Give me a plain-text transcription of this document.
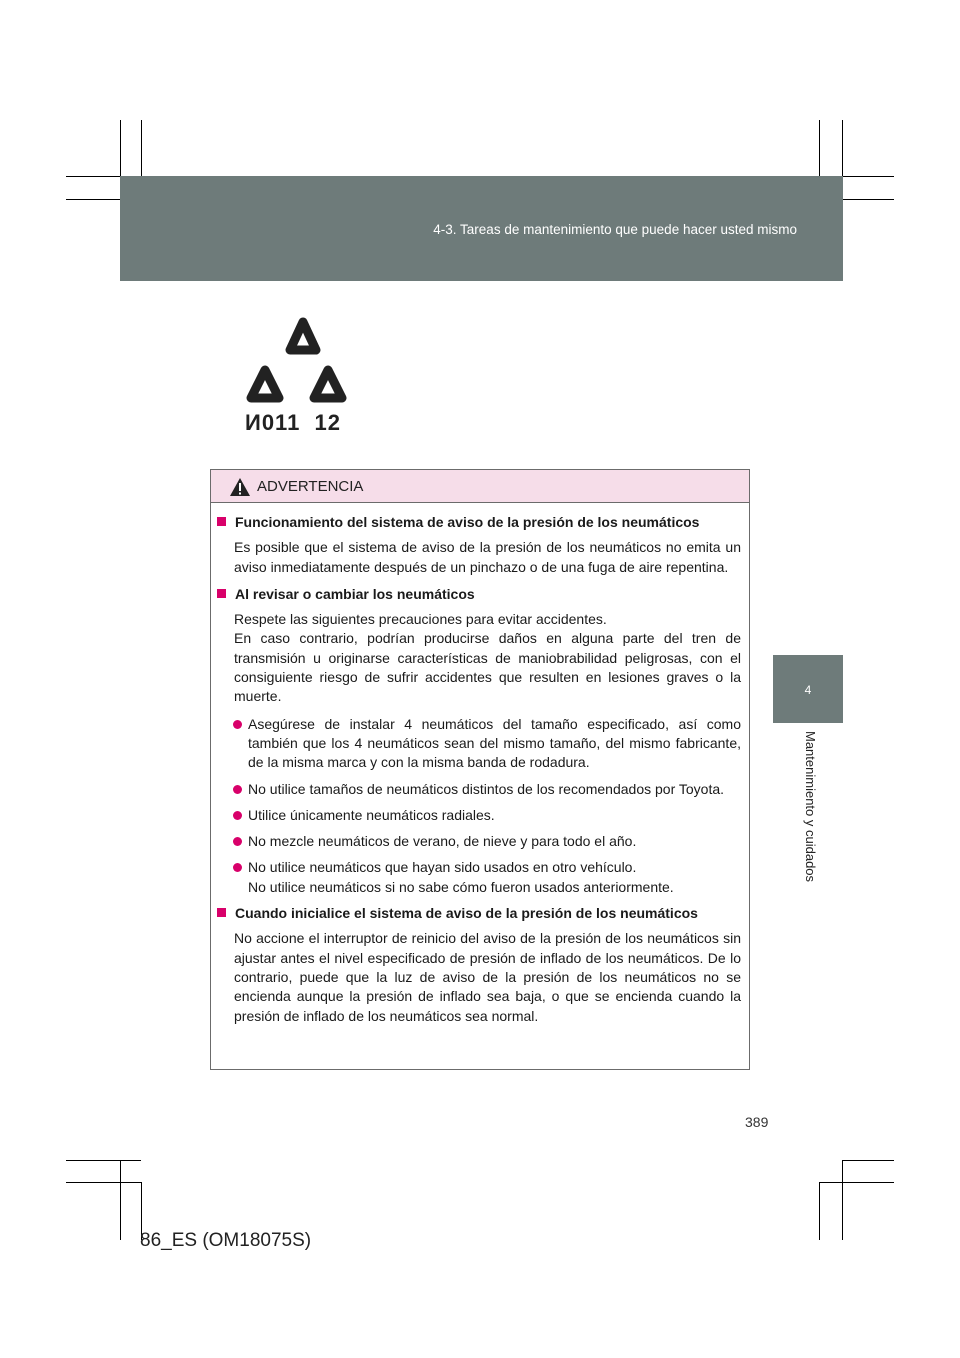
4-3. Tareas de mantenimiento que puede hacer usted mismo
4
Mantenimiento y cuidados
И011  12
ADVERTENCIA
Funcionamiento del sistema de aviso de la presión de los neumáticos
Es posible que el sistema de aviso de la presión de los neumáticos no emita un aviso inmediatamente después de un pinchazo o de una fuga de aire repentina.
Al revisar o cambiar los neumáticos
Respete las siguientes precauciones para evitar accidentes.
En caso contrario, podrían producirse daños en alguna parte del tren de transmisión u originarse características de maniobrabilidad peligrosas, con el consiguiente riesgo de sufrir accidentes que resulten en lesiones graves o la muerte.
Asegúrese de instalar 4 neumáticos del tamaño especificado, así como también que los 4 neumáticos sean del mismo tamaño, del mismo fabricante, de la misma marca y con la misma banda de rodadura.
No utilice tamaños de neumáticos distintos de los recomendados por Toyota.
Utilice únicamente neumáticos radiales.
No mezcle neumáticos de verano, de nieve y para todo el año.
No utilice neumáticos que hayan sido usados en otro vehículo.
No utilice neumáticos si no sabe cómo fueron usados anteriormente.
Cuando inicialice el sistema de aviso de la presión de los neumáticos
No accione el interruptor de reinicio del aviso de la presión de los neumáticos sin ajustar antes el nivel especificado de presión de inflado de los neumáticos. De lo contrario, puede que la luz de aviso de la presión de los neumáticos no se encienda aunque la presión de inflado sea baja, o que se encienda cuando la presión de inflado de los neumáticos sea normal.
389
86_ES (OM18075S)
